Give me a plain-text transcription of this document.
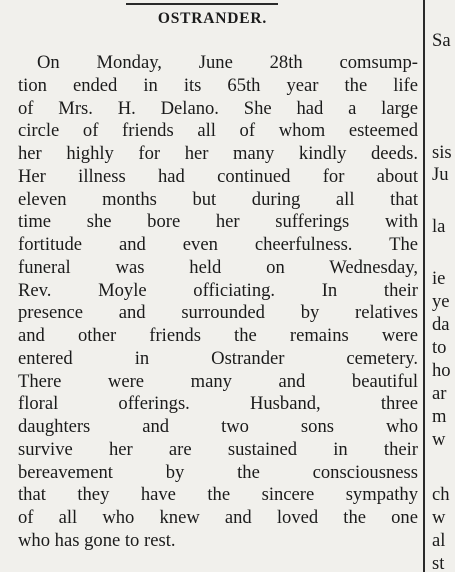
OSTRANDER.
On Monday, June 28th comsump-
tion ended in its 65th year the life
of Mrs. H. Delano. She had a large
circle of friends all of whom esteemed
her highly for her many kindly deeds.
Her illness had continued for about
eleven months but during all that
time she bore her sufferings with
fortitude and even cheerfulness. The
funeral was held on Wednesday,
Rev. Moyle officiating. In their
presence and surrounded by relatives
and other friends the remains were
entered in Ostrander cemetery.
There were many and beautiful
floral offerings. Husband, three
daughters and two sons who
survive her are sustained in their
bereavement by the consciousness
that they have the sincere sympathy
of all who knew and loved the one
who has gone to rest.
Sa
sis
Ju
la
ie
ye
da
to
ho
ar
m
w
ch
w
al
st
